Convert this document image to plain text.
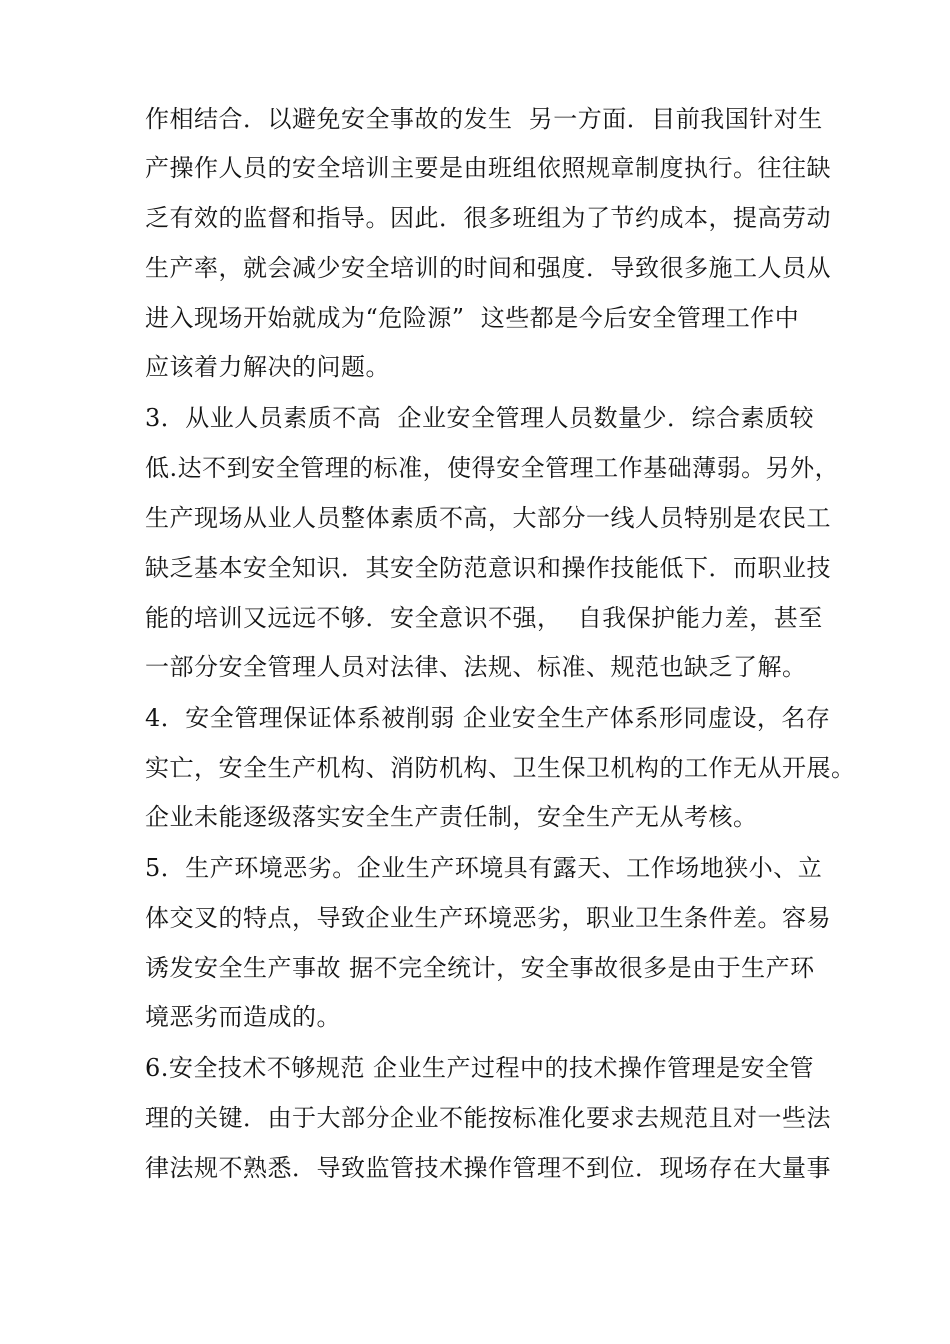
作相结合．以避免安全事故的发生  另一方面．目前我国针对生
产操作人员的安全培训主要是由班组依照规章制度执行。往往缺
乏有效的监督和指导。因此．很多班组为了节约成本，提高劳动
生产率，就会减少安全培训的时间和强度．导致很多施工人员从
进入现场开始就成为“危险源”  这些都是今后安全管理工作中
应该着力解决的问题。
3．从业人员素质不高  企业安全管理人员数量少．综合素质较
低.达不到安全管理的标准，使得安全管理工作基础薄弱。另外，
生产现场从业人员整体素质不高，大部分一线人员特别是农民工
缺乏基本安全知识．其安全防范意识和操作技能低下．而职业技
能的培训又远远不够．安全意识不强，  自我保护能力差，甚至
一部分安全管理人员对法律、法规、标准、规范也缺乏了解。
4．安全管理保证体系被削弱 企业安全生产体系形同虚设，名存
实亡，安全生产机构、消防机构、卫生保卫机构的工作无从开展。
企业未能逐级落实安全生产责任制，安全生产无从考核。
5．生产环境恶劣。企业生产环境具有露天、工作场地狭小、立
体交叉的特点，导致企业生产环境恶劣，职业卫生条件差。容易
诱发安全生产事故 据不完全统计，安全事故很多是由于生产环
境恶劣而造成的。
6.安全技术不够规范 企业生产过程中的技术操作管理是安全管
理的关键．由于大部分企业不能按标准化要求去规范且对一些法
律法规不熟悉．导致监管技术操作管理不到位．现场存在大量事
